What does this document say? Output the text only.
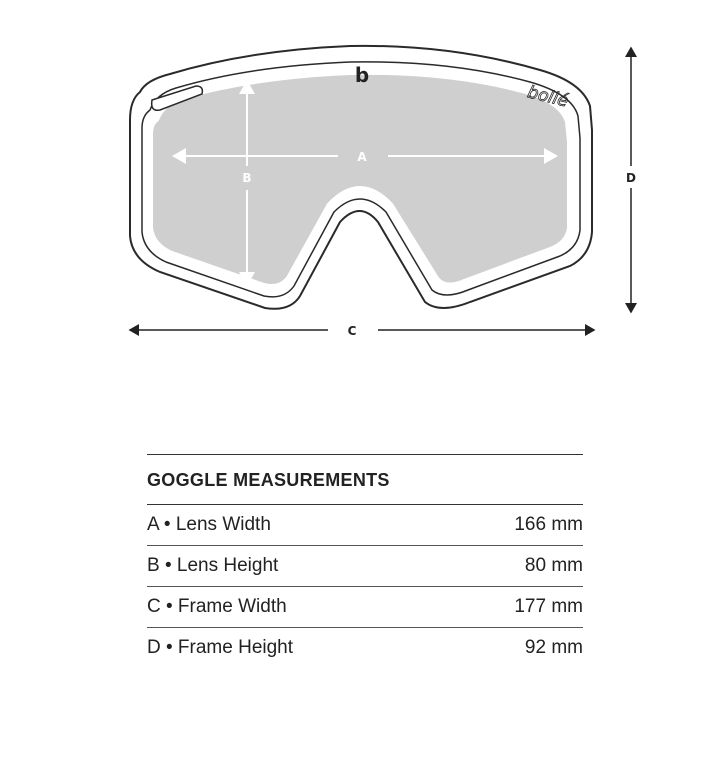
b
bollé
A
B
C
D
GOGGLE MEASUREMENTS
A • Lens Width	166 mm
B • Lens Height	80 mm
C • Frame Width	177 mm
D • Frame Height	92 mm
